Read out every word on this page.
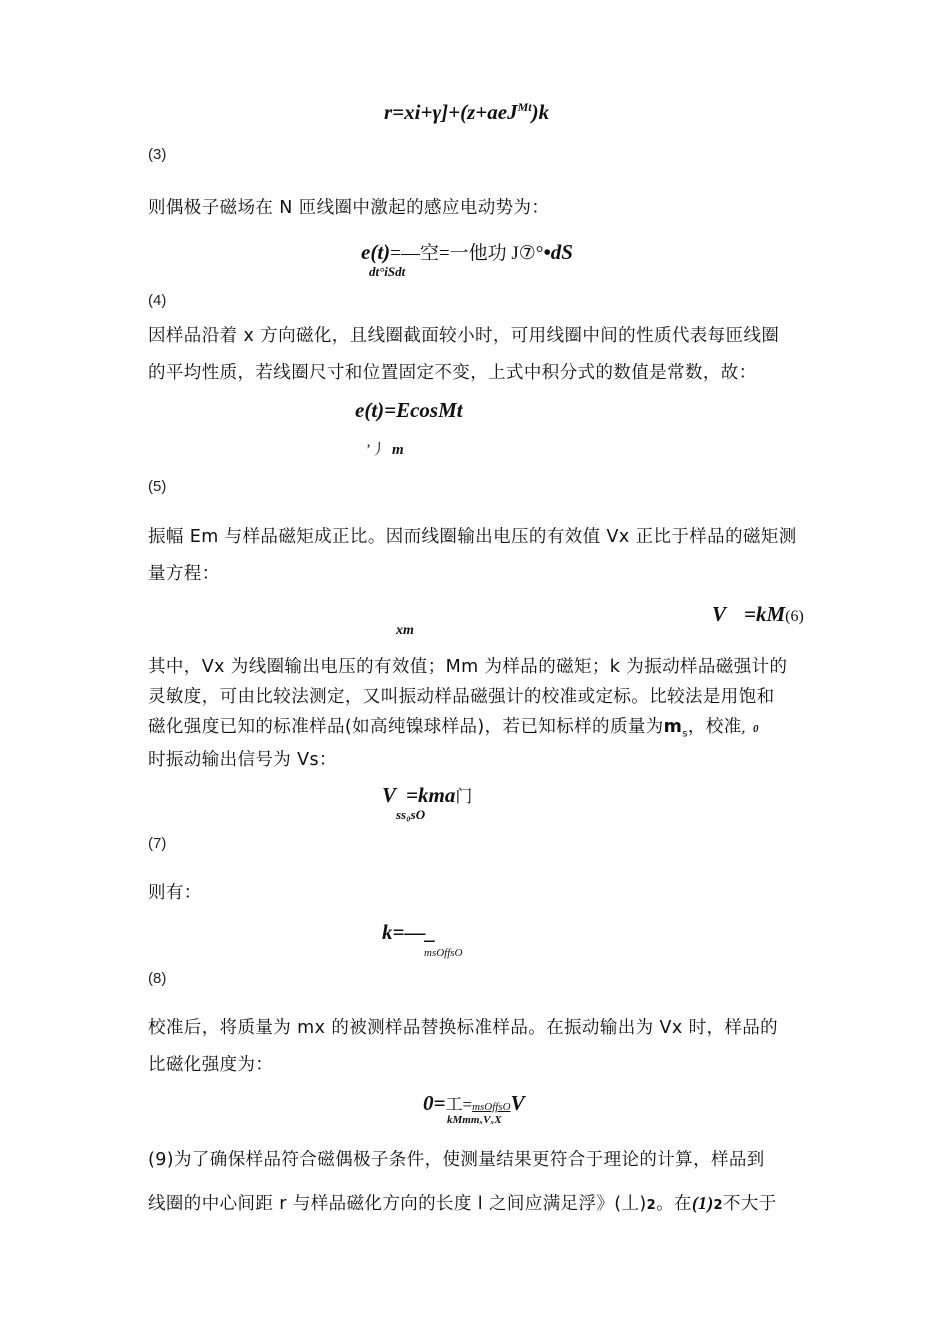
r=xi+γ]+(z+aeJ$^{Mt}$)k
(3)
则偶极子磁场在 N 匝线圈中激起的感应电动势为：
e(t)=—空=一他功 J⑦°•dS
dt°iSdt
(4)
因样品沿着 x 方向磁化，且线圈截面较小时，可用线圈中间的性质代表每匝线圈
的平均性质，若线圈尺寸和位置固定不变，上式中积分式的数值是常数，故：
e(t)=EcosMt
’丿 m
(5)
振幅 Em 与样品磁矩成正比。因而线圈输出电压的有效值 Vx 正比于样品的磁矩测
量方程：
V =kM(6)
xm
其中，Vx 为线圈输出电压的有效值；Mm 为样品的磁矩；k 为振动样品磁强计的
灵敏度，可由比较法测定，又叫振动样品磁强计的校准或定标。比较法是用饱和
磁化强度已知的标准样品(如高纯镍球样品)，若已知标样的质量为$m_s$，校准，0
时振动输出信号为 Vs：
V =kma门
ss₀sO
(7)
则有：
k=—_
msOffsO
(8)
校准后，将质量为 mx 的被测样品替换标准样品。在振动输出为 Vx 时，样品的
比磁化强度为：
0=工=msOffsOV
kMmmₓVₓX
(9)为了确保样品符合磁偶极子条件，使测量结果更符合于理论的计算，样品到
线圈的中心间距 r 与样品磁化方向的长度 l 之间应满足浮》(丄)2。在(1)2不大于
